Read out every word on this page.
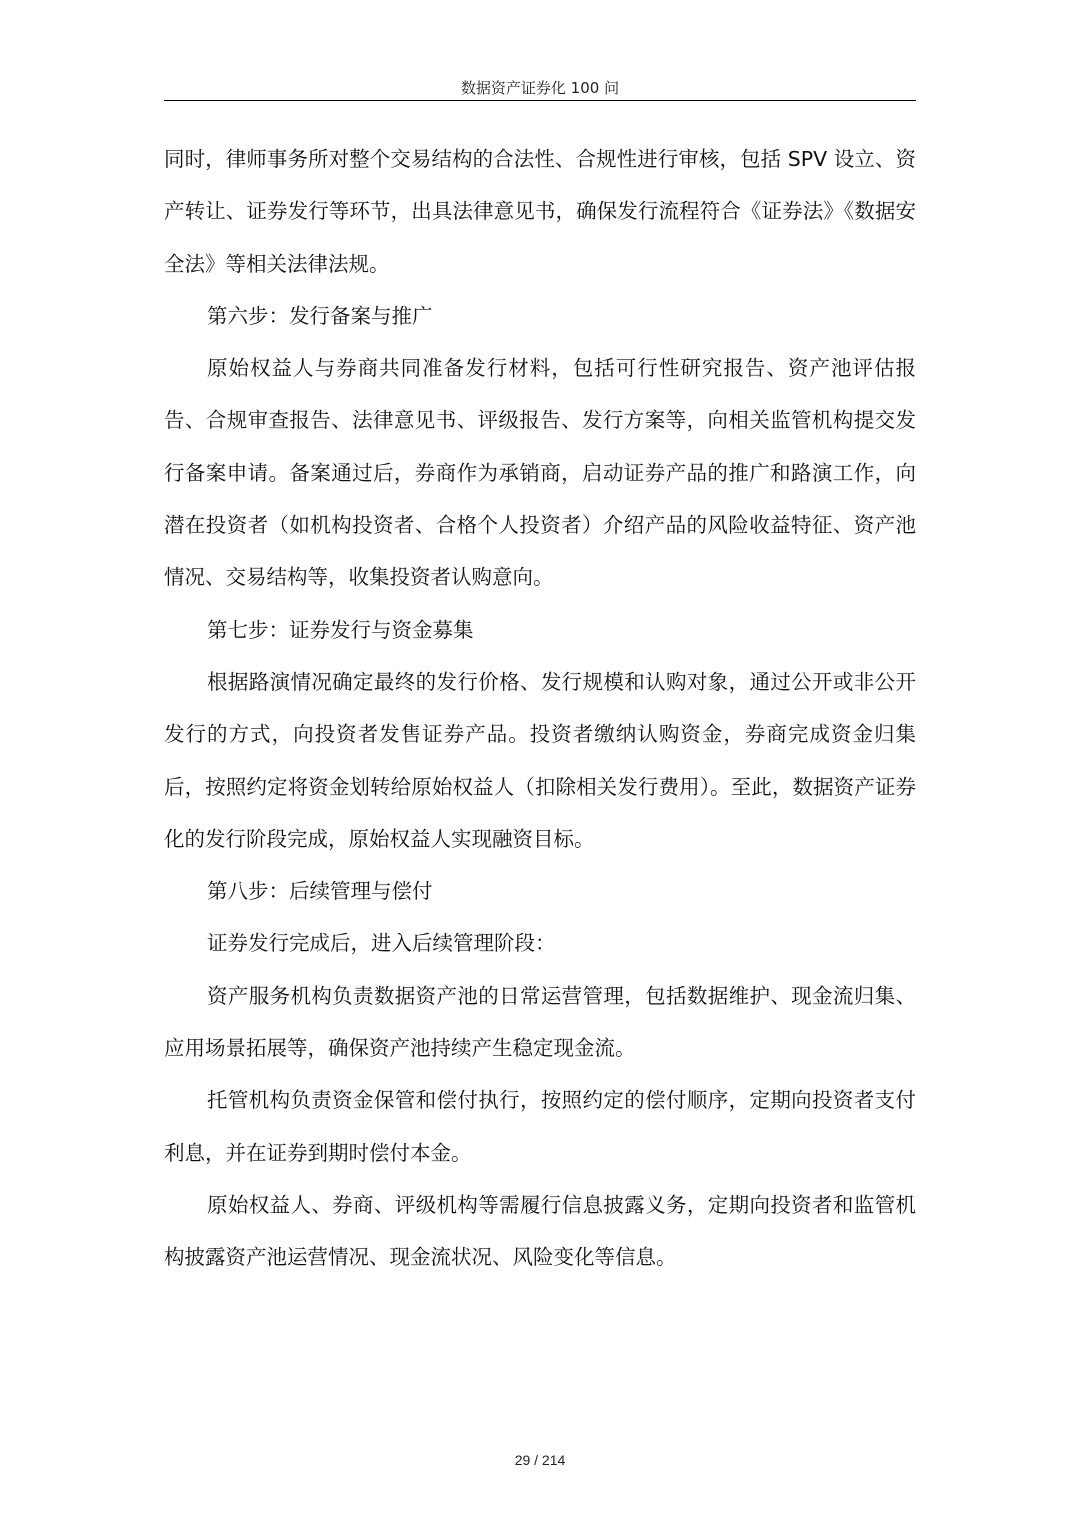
数据资产证券化 100 问

同时，律师事务所对整个交易结构的合法性、合规性进行审核，包括 SPV 设立、资产转让、证券发行等环节，出具法律意见书，确保发行流程符合《证券法》《数据安全法》等相关法律法规。

第六步：发行备案与推广

原始权益人与券商共同准备发行材料，包括可行性研究报告、资产池评估报告、合规审查报告、法律意见书、评级报告、发行方案等，向相关监管机构提交发行备案申请。备案通过后，券商作为承销商，启动证券产品的推广和路演工作，向潜在投资者（如机构投资者、合格个人投资者）介绍产品的风险收益特征、资产池情况、交易结构等，收集投资者认购意向。

第七步：证券发行与资金募集

根据路演情况确定最终的发行价格、发行规模和认购对象，通过公开或非公开发行的方式，向投资者发售证券产品。投资者缴纳认购资金，券商完成资金归集后，按照约定将资金划转给原始权益人（扣除相关发行费用）。至此，数据资产证券化的发行阶段完成，原始权益人实现融资目标。

第八步：后续管理与偿付

证券发行完成后，进入后续管理阶段：

资产服务机构负责数据资产池的日常运营管理，包括数据维护、现金流归集、应用场景拓展等，确保资产池持续产生稳定现金流。

托管机构负责资金保管和偿付执行，按照约定的偿付顺序，定期向投资者支付利息，并在证券到期时偿付本金。

原始权益人、券商、评级机构等需履行信息披露义务，定期向投资者和监管机构披露资产池运营情况、现金流状况、风险变化等信息。

29 / 214
